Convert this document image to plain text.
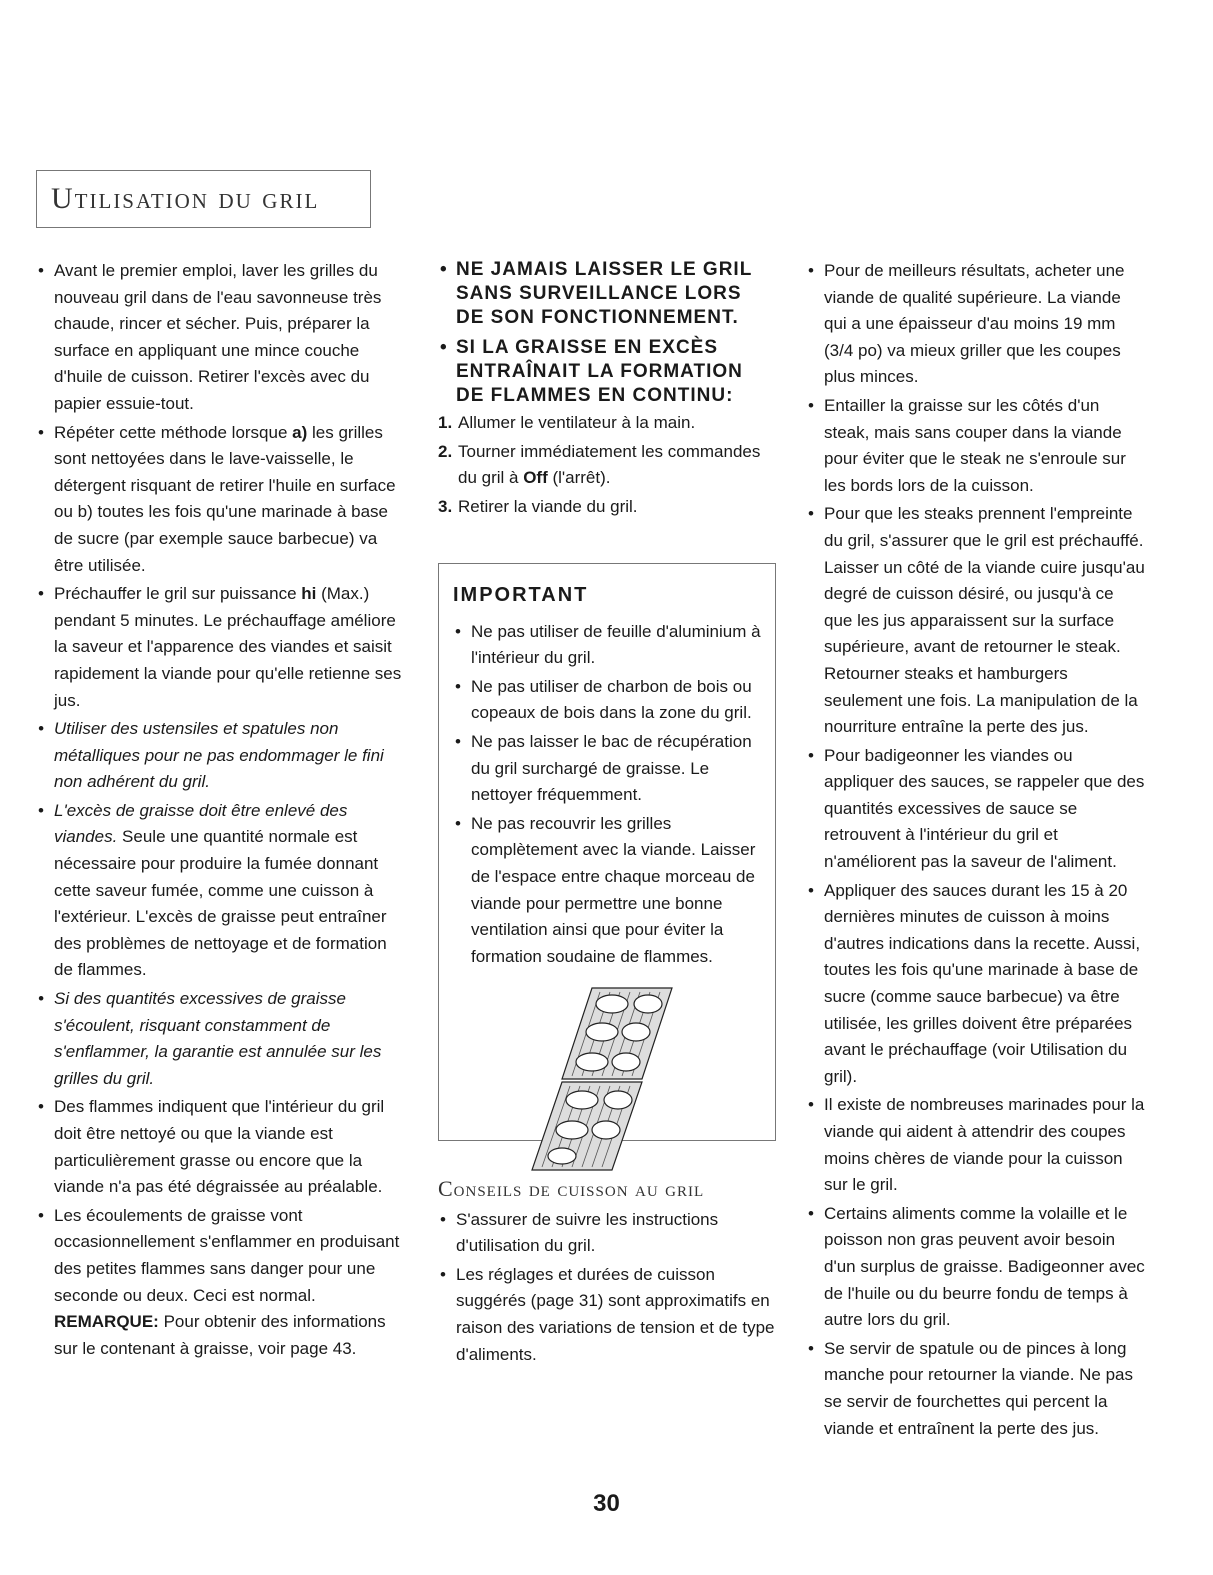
Utilisation du gril
• Avant le premier emploi, laver les grilles du nouveau gril dans de l'eau savonneuse très chaude, rincer et sécher. Puis, préparer la surface en appliquant une mince couche d'huile de cuisson. Retirer l'excès avec du papier essuie-tout.
• Répéter cette méthode lorsque a) les grilles sont nettoyées dans le lave-vaisselle, le détergent risquant de retirer l'huile en surface ou b) toutes les fois qu'une marinade à base de sucre (par exemple sauce barbecue) va être utilisée.
• Préchauffer le gril sur puissance hi (Max.) pendant 5 minutes. Le préchauffage améliore la saveur et l'apparence des viandes et saisit rapidement la viande pour qu'elle retienne ses jus.
• Utiliser des ustensiles et spatules non métalliques pour ne pas endommager le fini non adhérent du gril.
• L'excès de graisse doit être enlevé des viandes. Seule une quantité normale est nécessaire pour produire la fumée donnant cette saveur fumée, comme une cuisson à l'extérieur. L'excès de graisse peut entraîner des problèmes de nettoyage et de formation de flammes.
• Si des quantités excessives de graisse s'écoulent, risquant constamment de s'enflammer, la garantie est annulée sur les grilles du gril.
• Des flammes indiquent que l'intérieur du gril doit être nettoyé ou que la viande est particulièrement grasse ou encore que la viande n'a pas été dégraissée au préalable.
• Les écoulements de graisse vont occasionnellement s'enflammer en produisant des petites flammes sans danger pour une seconde ou deux. Ceci est normal. REMARQUE: Pour obtenir des informations sur le contenant à graisse, voir page 43.
• NE JAMAIS LAISSER LE GRIL SANS SURVEILLANCE LORS DE SON FONCTIONNEMENT.
• SI LA GRAISSE EN EXCÈS ENTRAÎNAIT LA FORMATION DE FLAMMES EN CONTINU:
1. Allumer le ventilateur à la main.
2. Tourner immédiatement les commandes du gril à Off (l'arrêt).
3. Retirer la viande du gril.
IMPORTANT
• Ne pas utiliser de feuille d'aluminium à l'intérieur du gril.
• Ne pas utiliser de charbon de bois ou copeaux de bois dans la zone du gril.
• Ne pas laisser le bac de récupération du gril surchargé de graisse. Le nettoyer fréquemment.
• Ne pas recouvrir les grilles complètement avec la viande. Laisser de l'espace entre chaque morceau de viande pour permettre une bonne ventilation ainsi que pour éviter la formation soudaine de flammes.
Conseils de cuisson au gril
• S'assurer de suivre les instructions d'utilisation du gril.
• Les réglages et durées de cuisson suggérés (page 31) sont approximatifs en raison des variations de tension et de type d'aliments.
• Pour de meilleurs résultats, acheter une viande de qualité supérieure. La viande qui a une épaisseur d'au moins 19 mm (3/4 po) va mieux griller que les coupes plus minces.
• Entailler la graisse sur les côtés d'un steak, mais sans couper dans la viande pour éviter que le steak ne s'enroule sur les bords lors de la cuisson.
• Pour que les steaks prennent l'empreinte du gril, s'assurer que le gril est préchauffé. Laisser un côté de la viande cuire jusqu'au degré de cuisson désiré, ou jusqu'à ce que les jus apparaissent sur la surface supérieure, avant de retourner le steak. Retourner steaks et hamburgers seulement une fois. La manipulation de la nourriture entraîne la perte des jus.
• Pour badigeonner les viandes ou appliquer des sauces, se rappeler que des quantités excessives de sauce se retrouvent à l'intérieur du gril et n'améliorent pas la saveur de l'aliment.
• Appliquer des sauces durant les 15 à 20 dernières minutes de cuisson à moins d'autres indications dans la recette. Aussi, toutes les fois qu'une marinade à base de sucre (comme sauce barbecue) va être utilisée, les grilles doivent être préparées avant le préchauffage (voir Utilisation du gril).
• Il existe de nombreuses marinades pour la viande qui aident à attendrir des coupes moins chères de viande pour la cuisson sur le gril.
• Certains aliments comme la volaille et le poisson non gras peuvent avoir besoin d'un surplus de graisse. Badigeonner avec de l'huile ou du beurre fondu de temps à autre lors du gril.
• Se servir de spatule ou de pinces à long manche pour retourner la viande. Ne pas se servir de fourchettes qui percent la viande et entraînent la perte des jus.
30
